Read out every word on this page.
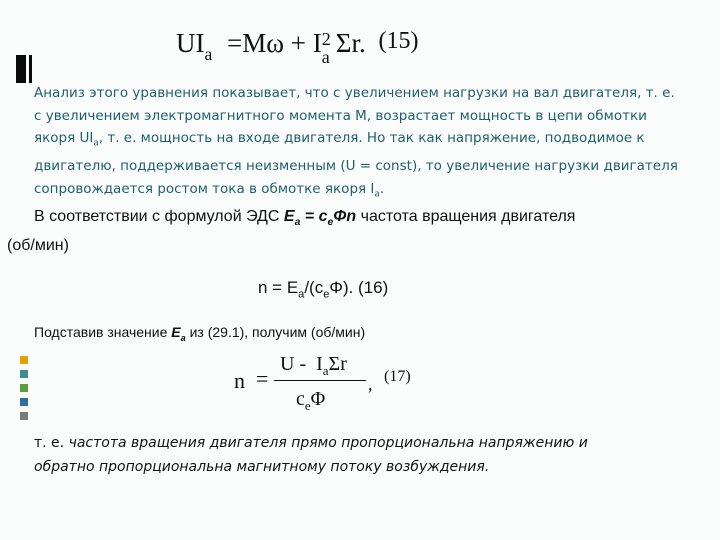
$UI_a =M\omega + I$ 2
a Σr. (15)
Анализ этого уравнения показывает, что с увеличением нагрузки на вал двигателя, т. е.
с увеличением электромагнитного момента М, возрастает мощность в цепи обмотки
якоря $UI_a$, т. е. мощность на входе двигателя. Но так как напряжение, подводимое к
двигателю, поддерживается неизменным (U = const), то увеличение нагрузки двигателя
сопровождается ростом тока в обмотке якоря $I_a$.
В соответствии с формулой ЭДС $E_a = c_e\Phi n$ частота вращения двигателя
(об/мин)
$n = E_a/(c_e\Phi)$. (16)
Подставив значение $E_a$ из (29.1), получим (об/мин)
n =
U -  $I_a\Sigma r$
$c_e\Phi$
, (17)
т. е. частота вращения двигателя прямо пропорциональна напряжению и
обратно пропорциональна магнитному потоку возбуждения.
